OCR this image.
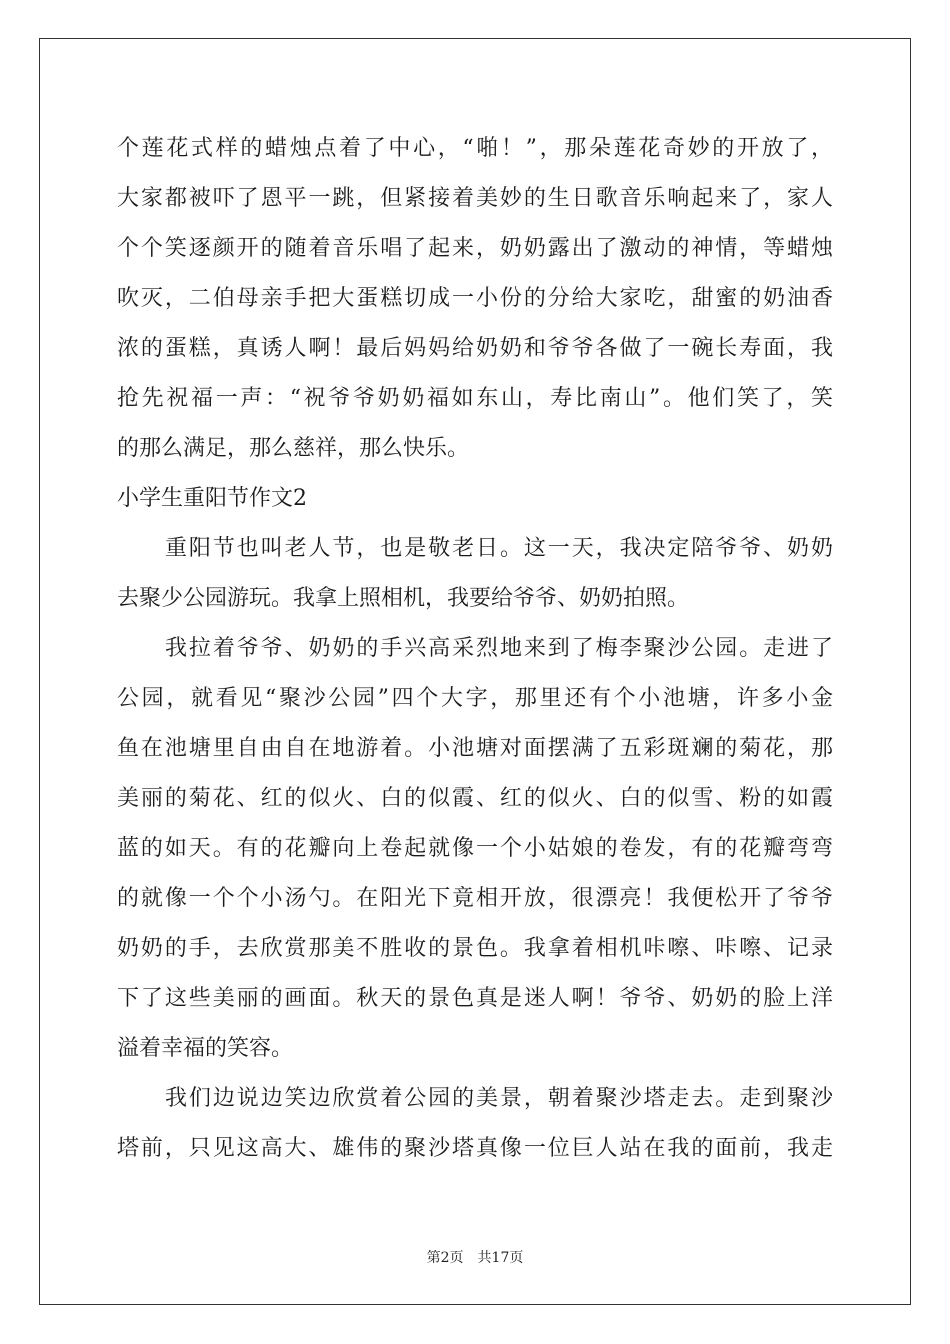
个莲花式样的蜡烛点着了中心，“啪！”，那朵莲花奇妙的开放了，
大家都被吓了恩平一跳，但紧接着美妙的生日歌音乐响起来了，家人
个个笑逐颜开的随着音乐唱了起来，奶奶露出了激动的神情，等蜡烛
吹灭，二伯母亲手把大蛋糕切成一小份的分给大家吃，甜蜜的奶油香
浓的蛋糕，真诱人啊！最后妈妈给奶奶和爷爷各做了一碗长寿面，我
抢先祝福一声：“祝爷爷奶奶福如东山，寿比南山”。他们笑了，笑
的那么满足，那么慈祥，那么快乐。
小学生重阳节作文2
重阳节也叫老人节，也是敬老日。这一天，我决定陪爷爷、奶奶
去聚少公园游玩。我拿上照相机，我要给爷爷、奶奶拍照。
我拉着爷爷、奶奶的手兴高采烈地来到了梅李聚沙公园。走进了
公园，就看见“聚沙公园”四个大字，那里还有个小池塘，许多小金
鱼在池塘里自由自在地游着。小池塘对面摆满了五彩斑斓的菊花，那
美丽的菊花、红的似火、白的似霞、红的似火、白的似雪、粉的如霞
蓝的如天。有的花瓣向上卷起就像一个小姑娘的卷发，有的花瓣弯弯
的就像一个个小汤勺。在阳光下竟相开放，很漂亮！我便松开了爷爷
奶奶的手，去欣赏那美不胜收的景色。我拿着相机咔嚓、咔嚓、记录
下了这些美丽的画面。秋天的景色真是迷人啊！爷爷、奶奶的脸上洋
溢着幸福的笑容。
我们边说边笑边欣赏着公园的美景，朝着聚沙塔走去。走到聚沙
塔前，只见这高大、雄伟的聚沙塔真像一位巨人站在我的面前，我走
第2页　共17页
